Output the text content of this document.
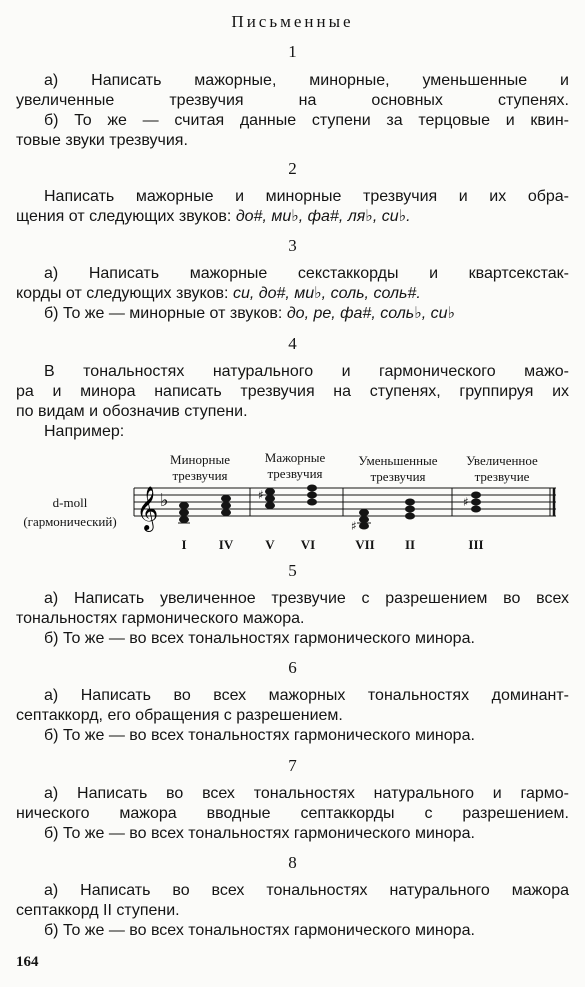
Письменные
1
а) Написать мажорные, минорные, уменьшенные и
увеличенные трезвучия на основных ступенях.
б) То же — считая данные ступени за терцовые и квин-
товые звуки трезвучия.
2
Написать мажорные и минорные трезвучия и их обра-
щения от следующих звуков: до#, ми♭, фа#, ля♭, си♭.
3
а) Написать мажорные секстаккорды и квартсекстак-
корды от следующих звуков: си, до#, ми♭, соль, соль#.
б) То же — минорные от звуков: до, ре, фа#, соль♭, си♭
4
В тональностях натурального и гармонического мажо-
ра и минора написать трезвучия на ступенях, группируя их
по видам и обозначив ступени.
Например:
Минорные
трезвучия
Мажорные
трезвучия
Уменьшенные
трезвучия
Увеличенное
трезвучие
d-moll
(гармонический) 𝄞 ♭	♯
♯
♯
I	IV	V	VI	VII	II	III
5
а) Написать увеличенное трезвучие с разрешением во всех
тональностях гармонического мажора.
б) То же — во всех тональностях гармонического минора.
6
а) Написать во всех мажорных тональностях доминант-
септаккорд, его обращения с разрешением.
б) То же — во всех тональностях гармонического минора.
7
а) Написать во всех тональностях натурального и гармо-
нического мажора вводные септаккорды с разрешением.
б) То же — во всех тональностях гармонического минора.
8
а) Написать во всех тональностях натурального мажора
септаккорд II ступени.
б) То же — во всех тональностях гармонического минора.
164
